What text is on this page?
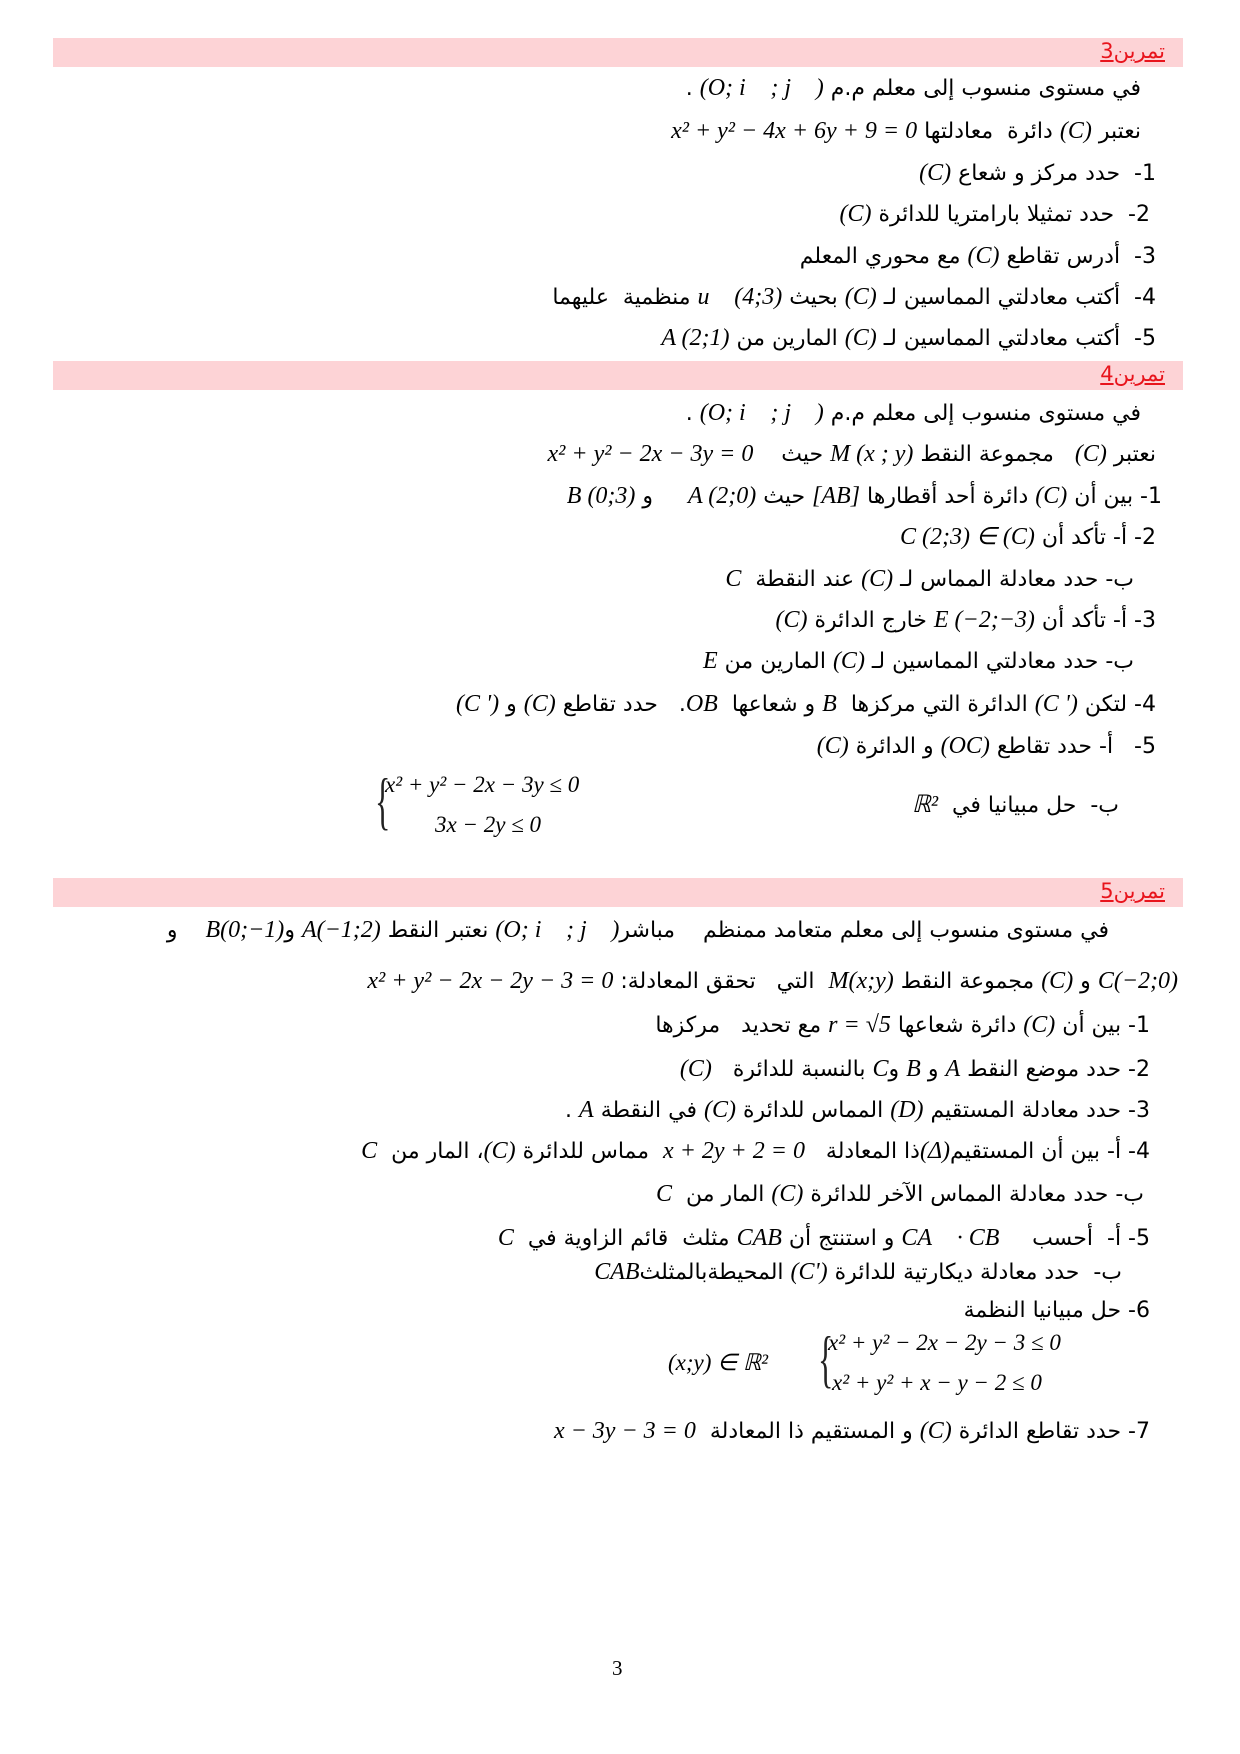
تمرين3
في مستوى منسوب إلى معلم م.م (O; i⃗ ; j⃗ ) .
نعتبر (C) دائرة  معادلتها x² + y² − 4x + 6y + 9 = 0
1-  حدد مركز و شعاع (C)
2-  حدد تمثيلا بارامتريا للدائرة (C)
3-  أدرس تقاطع (C) مع محوري المعلم
4-  أكتب معادلتي المماسين لـ (C) بحيث u⃗ (4;3) منظمية  عليهما
5-  أكتب معادلتي المماسين لـ (C) المارين من A (2;1)
تمرين4
في مستوى منسوب إلى معلم م.م (O; i⃗ ; j⃗ ) .
نعتبر (C)   مجموعة النقط M (x ; y) حيث    x² + y² − 2x − 3y = 0
1- بين أن (C) دائرة أحد أقطارها [AB] حيث A (2;0)     و B (0;3)
2- أ- تأكد أن C (2;3) ∈ (C)
ب- حدد معادلة المماس لـ (C) عند النقطة  C
3- أ- تأكد أن E (−2;−3) خارج الدائرة (C)
ب- حدد معادلتي المماسين لـ (C) المارين من E
4- لتكن (C ') الدائرة التي مركزها  B و شعاعها  OB.   حدد تقاطع (C) و (C ')
5-   أ- حدد تقاطع (OC) و الدائرة (C)
ب-  حل مبيانيا في  ℝ²
{
x² + y² − 2x − 3y ≤ 0
3x − 2y ≤ 0
تمرين5
في مستوى منسوب إلى معلم متعامد ممنظم    مباشر(O; i⃗ ; j⃗ ) نعتبر النقط A(−1;2) وB(0;−1)    و
C(−2;0) و (C) مجموعة النقط M(x;y)  التي   تحقق المعادلة: x² + y² − 2x − 2y − 3 = 0
1- بين أن (C) دائرة شعاعها r = √5 مع تحديد   مركزها
2- حدد موضع النقط A و B وC بالنسبة للدائرة   (C)
3- حدد معادلة المستقيم (D) المماس للدائرة (C) في النقطة A .
4- أ- بين أن المستقيم(Δ)ذا المعادلة   x + 2y + 2 = 0  مماس للدائرة (C)، المار من  C
ب- حدد معادلة المماس الآخر للدائرة (C) المار من  C
5- أ-  أحسب  CA⃗ · CB⃗ و استنتج أن CAB مثلث  قائم الزاوية في  C
ب-  حدد معادلة ديكارتية للدائرة (C') المحيطةبالمثلثCAB
6- حل مبيانيا النظمة
7- حدد تقاطع الدائرة (C) و المستقيم ذا المعادلة  x − 3y − 3 = 0
{
x² + y² − 2x − 2y − 3 ≤ 0
x² + y² + x − y − 2 ≤ 0
(x;y) ∈ ℝ²
3
